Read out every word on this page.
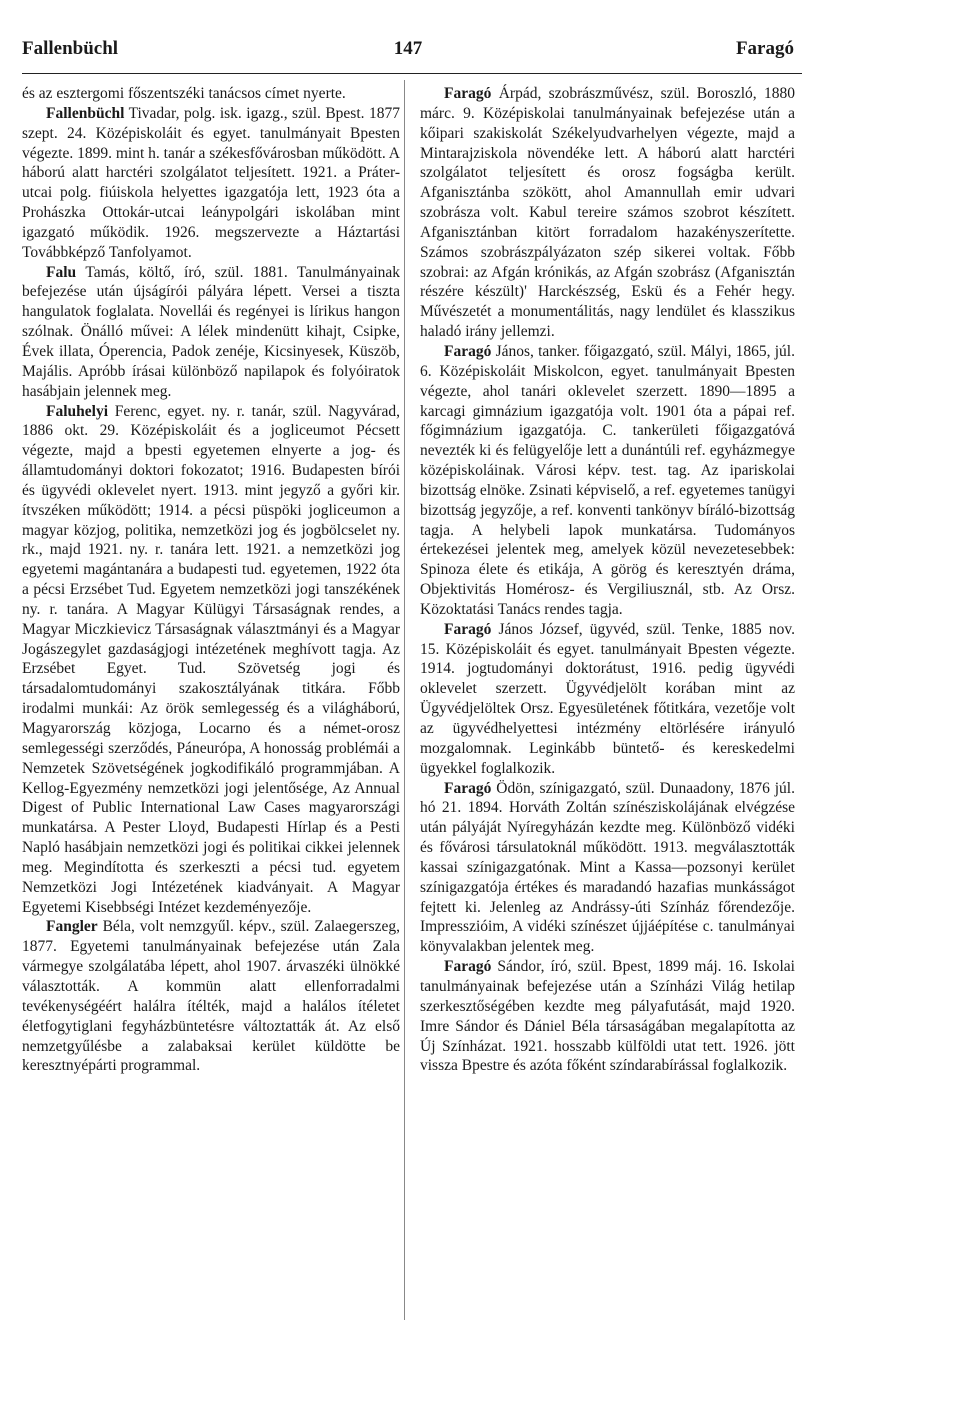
Fallenbüchl	147	Faragó

és az esztergomi főszentszéki tanácsos címet nyerte.

Fallenbüchl Tivadar, polg. isk. igazg., szül. Bpest. 1877 szept. 24. Középiskoláit és egyet. tanulmányait Bpesten végezte. 1899. mint h. tanár a székesfővárosban működött. A háború alatt harctéri szolgálatot teljesített. 1921. a Práter-utcai polg. fiúiskola helyettes igazgatója lett, 1923 óta a Prohászka Ottokár-utcai leánypolgári iskolában mint igazgató működik. 1926. megszervezte a Háztartási Továbbképző Tanfolyamot.

Falu Tamás, költő, író, szül. 1881. Tanulmányainak befejezése után újságírói pályára lépett. Versei a tiszta hangulatok foglalata. Novellái és regényei is lírikus hangon szólnak. Önálló művei: A lélek mindenütt kihajt, Csipke, Évek illata, Óperencia, Padok zenéje, Kicsinyesek, Küszöb, Majális. Apróbb írásai különböző napilapok és folyóiratok hasábjain jelennek meg.

Faluhelyi Ferenc, egyet. ny. r. tanár, szül. Nagyvárad, 1886 okt. 29. Középiskoláit és a jogliceumot Pécsett végezte, majd a bpesti egyetemen elnyerte a jog- és államtudományi doktori fokozatot; 1916. Budapesten bírói és ügyvédi oklevelet nyert. 1913. mint jegyző a győri kir. ítvszéken működött; 1914. a pécsi püspöki jogliceumon a magyar közjog, politika, nemzetközi jog és jogbölcselet ny. rk., majd 1921. ny. r. tanára lett. 1921. a nemzetközi jog egyetemi magántanára a budapesti tud. egyetemen, 1922 óta a pécsi Erzsébet Tud. Egyetem nemzetközi jogi tanszékének ny. r. tanára. A Magyar Külügyi Társaságnak rendes, a Magyar Miczkievicz Társaságnak választmányi és a Magyar Jogászegylet gazdaságjogi intézetének meghívott tagja. Az Erzsébet Egyet. Tud. Szövetség jogi és társadalomtudományi szakosztályának titkára. Főbb irodalmi munkái: Az örök semlegesség és a világháború, Magyarország közjoga, Locarno és a német-orosz semlegességi szerződés, Páneurópa, A honosság problémái a Nemzetek Szövetségének jogkodifikáló programmjában. A Kellog-Egyezmény nemzetközi jogi jelentősége, Az Annual Digest of Public International Law Cases magyarországi munkatársa. A Pester Lloyd, Budapesti Hírlap és a Pesti Napló hasábjain nemzetközi jogi és politikai cikkei jelennek meg. Megindította és szerkeszti a pécsi tud. egyetem Nemzetközi Jogi Intézetének kiadványait. A Magyar Egyetemi Kisebbségi Intézet kezdeményezője.

Fangler Béla, volt nemzgyűl. képv., szül. Zalaegerszeg, 1877. Egyetemi tanulmányainak befejezése után Zala vármegye szolgálatába lépett, ahol 1907. árvaszéki ülnökké választották. A kommün alatt ellenforradalmi tevékenységéért halálra ítélték, majd a halálos ítéletet életfogytiglani fegyházbüntetésre változtatták át. Az első nemzetgyűlésbe a zalabaksai kerület küldötte be keresztnyépárti programmal.

Faragó Árpád, szobrászművész, szül. Boroszló, 1880 márc. 9. Középiskolai tanulmányainak befejezése után a kőipari szakiskolát Székelyudvarhelyen végezte, majd a Mintarajziskola növendéke lett. A háború alatt harctéri szolgálatot teljesített és orosz fogságba került. Afganisztánba szökött, ahol Amannullah emir udvari szobrásza volt. Kabul tereire számos szobrot készített. Afganisztánban kitört forradalom hazakényszerítette. Számos szobrászpályázaton szép sikerei voltak. Főbb szobrai: az Afgán krónikás, az Afgán szobrász (Afganisztán részére készült)' Harckészség, Eskü és a Fehér hegy. Művészetét a monumentálitás, nagy lendület és klasszikus haladó irány jellemzi.

Faragó János, tanker. főigazgató, szül. Mályi, 1865, júl. 6. Középiskoláit Miskolcon, egyet. tanulmányait Bpesten végezte, ahol tanári oklevelet szerzett. 1890—1895 a karcagi gimnázium igazgatója volt. 1901 óta a pápai ref. főgimnázium igazgatója. C. tankerületi főigazgatóvá nevezték ki és felügyelője lett a dunántúli ref. egyházmegye középiskoláinak. Városi képv. test. tag. Az ipariskolai bizottság elnöke. Zsinati képviselő, a ref. egyetemes tanügyi bizottság jegyzője, a ref. konventi tankönyv bíráló-bizottság tagja. A helybeli lapok munkatársa. Tudományos értekezései jelentek meg, amelyek közül nevezetesebbek: Spinoza élete és etikája, A görög és keresztyén dráma, Objektivitás Homérosz- és Vergiliusznál, stb. Az Orsz. Közoktatási Tanács rendes tagja.

Faragó János József, ügyvéd, szül. Tenke, 1885 nov. 15. Középiskoláit és egyet. tanulmányait Bpesten végezte. 1914. jogtudományi doktorátust, 1916. pedig ügyvédi oklevelet szerzett. Ügyvédjelölt korában mint az Ügyvédjelöltek Orsz. Egyesületének főtitkára, vezetője volt az ügyvédhelyettesi intézmény eltörlésére irányuló mozgalomnak. Leginkább büntető- és kereskedelmi ügyekkel foglalkozik.

Faragó Ödön, színigazgató, szül. Dunaadony, 1876 júl. hó 21. 1894. Horváth Zoltán színésziskolájának elvégzése után pályáját Nyíregyházán kezdte meg. Különböző vidéki és fővárosi társulatoknál működött. 1913. megválasztották kassai színigazgatónak. Mint a Kassa—pozsonyi kerület színigazgatója értékes és maradandó hazafias munkásságot fejtett ki. Jelenleg az Andrássy-úti Színház főrendezője. Impresszióim, A vidéki színészet újjáépítése c. tanulmányai könyvalakban jelentek meg.

Faragó Sándor, író, szül. Bpest, 1899 máj. 16. Iskolai tanulmányainak befejezése után a Színházi Világ hetilap szerkesztőségében kezdte meg pályafutását, majd 1920. Imre Sándor és Dániel Béla társaságában megalapította az Új Színházat. 1921. hosszabb külföldi utat tett. 1926. jött vissza Bpestre és azóta főként színdarabírással foglalkozik.
